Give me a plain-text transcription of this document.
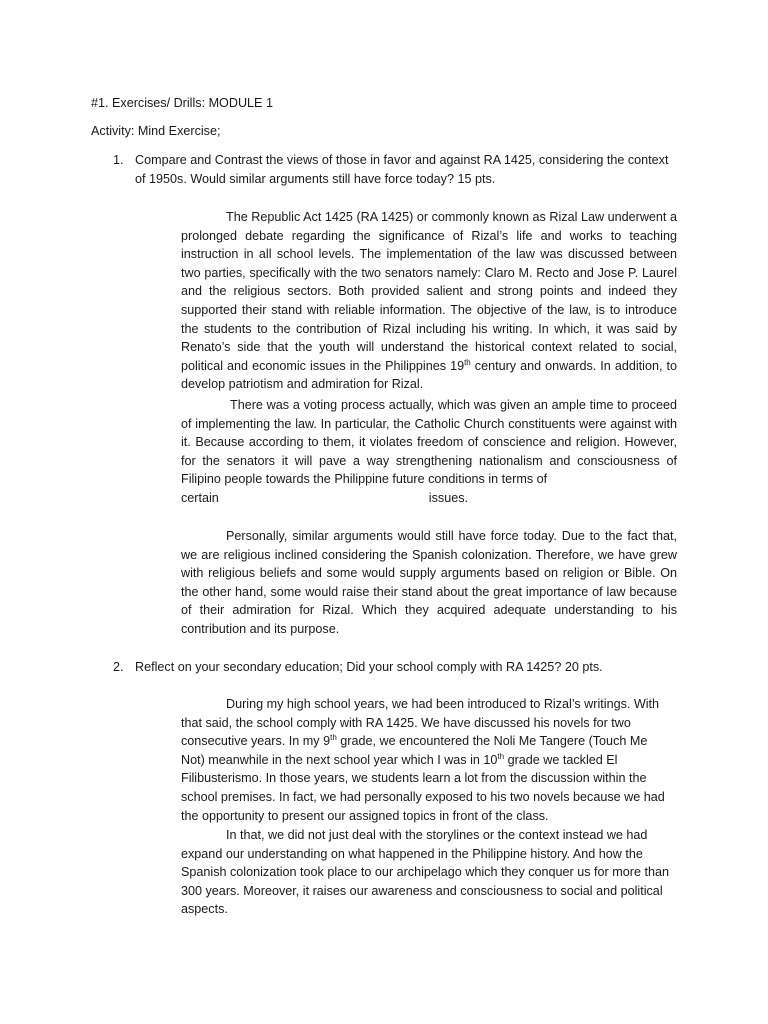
#1. Exercises/ Drills: MODULE 1
Activity: Mind Exercise;
1. Compare and Contrast the views of those in favor and against RA 1425, considering the context of 1950s. Would similar arguments still have force today? 15 pts.

The Republic Act 1425 (RA 1425) or commonly known as Rizal Law underwent a prolonged debate regarding the significance of Rizal’s life and works to teaching instruction in all school levels. The implementation of the law was discussed between two parties, specifically with the two senators namely: Claro M. Recto and Jose P. Laurel and the religious sectors. Both provided salient and strong points and indeed they supported their stand with reliable information. The objective of the law, is to introduce the students to the contribution of Rizal including his writing. In which, it was said by Renato’s side that the youth will understand the historical context related to social, political and economic issues in the Philippines 19th century and onwards. In addition, to develop patriotism and admiration for Rizal.

There was a voting process actually, which was given an ample time to proceed of implementing the law. In particular, the Catholic Church constituents were against with it. Because according to them, it violates freedom of conscience and religion. However, for the senators it will pave a way strengthening nationalism and consciousness of Filipino people towards the Philippine future conditions in terms of

certain	issues.

Personally, similar arguments would still have force today. Due to the fact that, we are religious inclined considering the Spanish colonization. Therefore, we have grew with religious beliefs and some would supply arguments based on religion or Bible. On the other hand, some would raise their stand about the great importance of law because of their admiration for Rizal. Which they acquired adequate understanding to his contribution and its purpose.

2. Reflect on your secondary education; Did your school comply with RA 1425? 20 pts.

During my high school years, we had been introduced to Rizal’s writings. With that said, the school comply with RA 1425. We have discussed his novels for two consecutive years. In my 9th grade, we encountered the Noli Me Tangere (Touch Me Not) meanwhile in the next school year which I was in 10th grade we tackled El Filibusterismo. In those years, we students learn a lot from the discussion within the school premises. In fact, we had personally exposed to his two novels because we had the opportunity to present our assigned topics in front of the class.

In that, we did not just deal with the storylines or the context instead we had expand our understanding on what happened in the Philippine history. And how the Spanish colonization took place to our archipelago which they conquer us for more than 300 years. Moreover, it raises our awareness and consciousness to social and political aspects.
